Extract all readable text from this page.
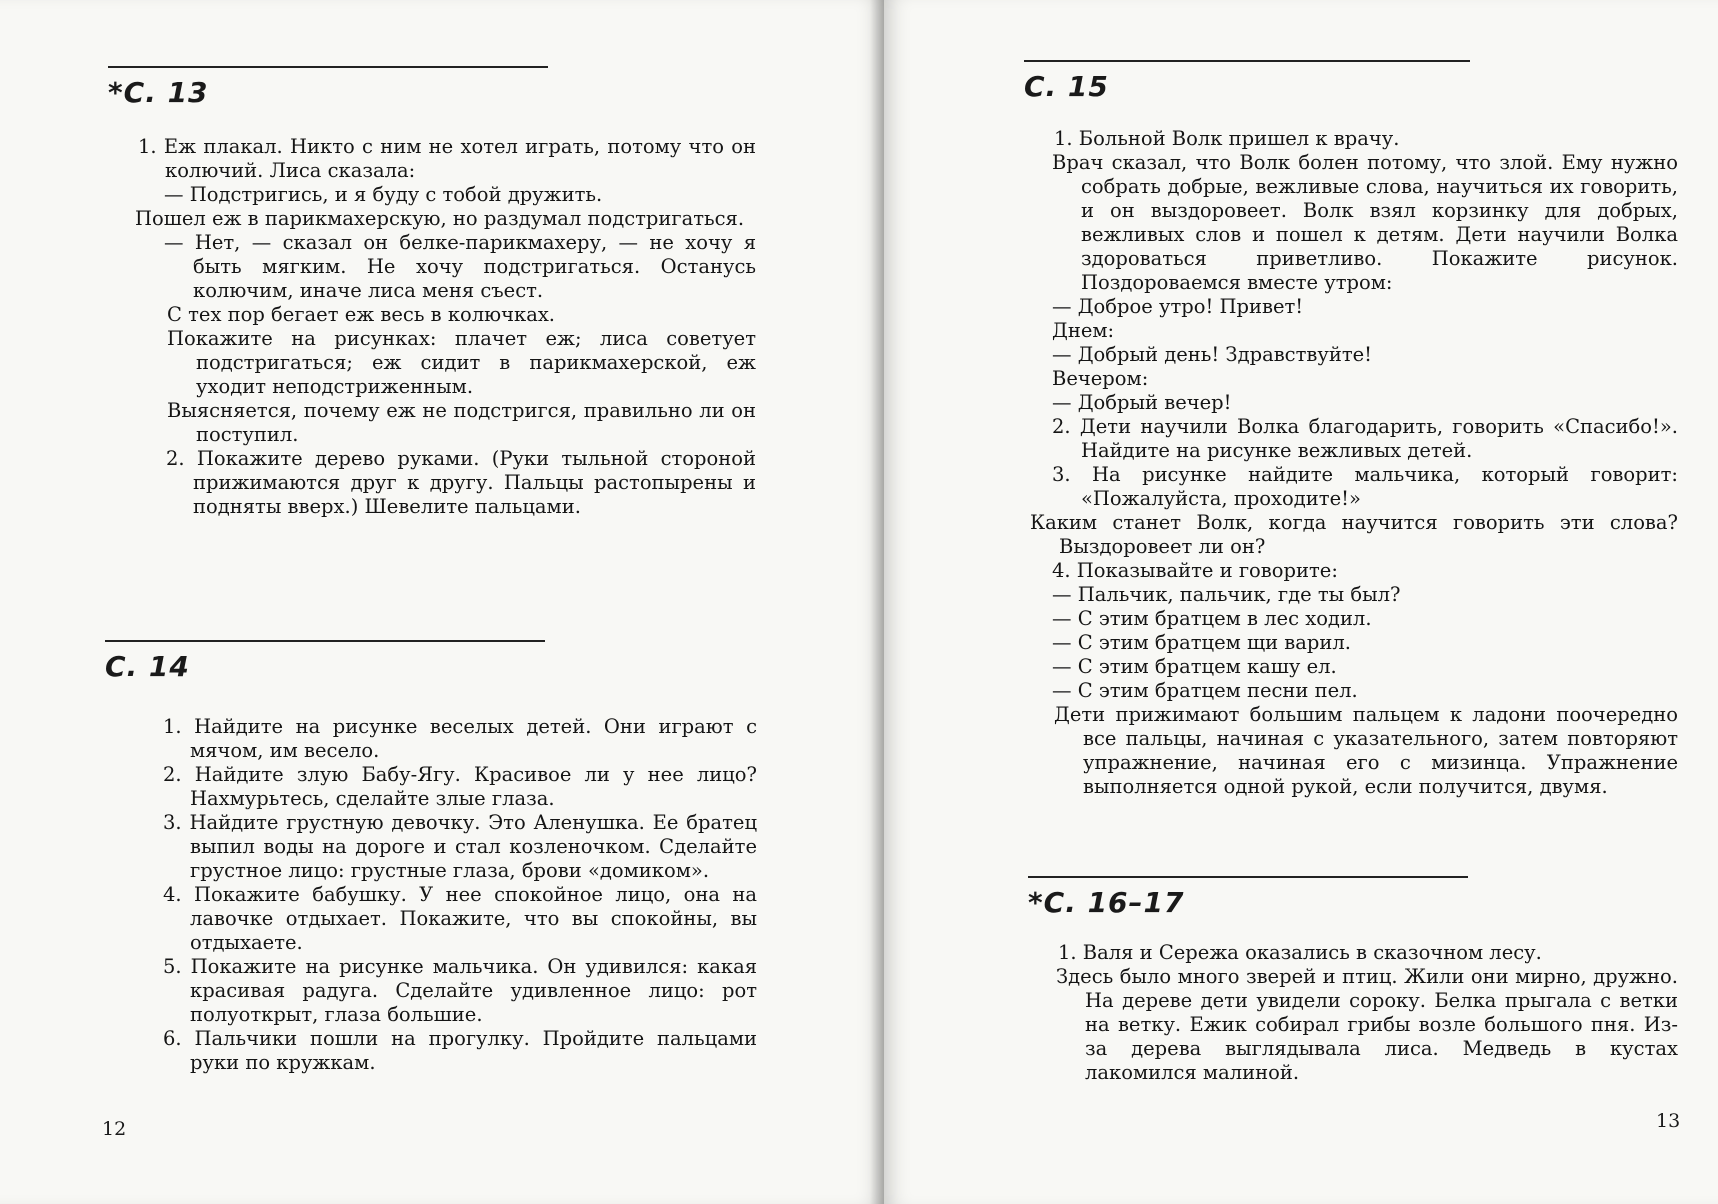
*С. 13

1. Еж плакал. Никто с ним не хотел играть, потому что он колючий. Лиса сказала:

— Подстригись, и я буду с тобой дружить.

Пошел еж в парикмахерскую, но раздумал подстригаться.

— Нет, — сказал он белке-парикмахеру, — не хочу я быть мягким. Не хочу подстригаться. Останусь колючим, иначе лиса меня съест.

С тех пор бегает еж весь в колючках.

Покажите на рисунках: плачет еж; лиса советует подстригаться; еж сидит в парикмахерской, еж уходит неподстриженным.

Выясняется, почему еж не подстригся, правильно ли он поступил.

2. Покажите дерево руками. (Руки тыльной стороной прижимаются друг к другу. Пальцы растопырены и подняты вверх.) Шевелите пальцами.

С. 14

1. Найдите на рисунке веселых детей. Они играют с мячом, им весело.

2. Найдите злую Бабу-Ягу. Красивое ли у нее лицо? Нахмурьтесь, сделайте злые глаза.

3. Найдите грустную девочку. Это Аленушка. Ее братец выпил воды на дороге и стал козленочком. Сделайте грустное лицо: грустные глаза, брови «домиком».

4. Покажите бабушку. У нее спокойное лицо, она на лавочке отдыхает. Покажите, что вы спокойны, вы отдыхаете.

5. Покажите на рисунке мальчика. Он удивился: какая красивая радуга. Сделайте удивленное лицо: рот полуоткрыт, глаза большие.

6. Пальчики пошли на прогулку. Пройдите пальцами руки по кружкам.

12
С. 15

1. Больной Волк пришел к врачу.

Врач сказал, что Волк болен потому, что злой. Ему нужно собрать добрые, вежливые слова, научиться их говорить, и он выздоровеет. Волк взял корзинку для добрых, вежливых слов и пошел к детям. Дети научили Волка здороваться приветливо. Покажите рисунок. Поздороваемся вместе утром:

— Доброе утро! Привет!

Днем:

— Добрый день! Здравствуйте!

Вечером:

— Добрый вечер!

2. Дети научили Волка благодарить, говорить «Спасибо!». Найдите на рисунке вежливых детей.

3. На рисунке найдите мальчика, который говорит: «Пожалуйста, проходите!»

Каким станет Волк, когда научится говорить эти слова? Выздоровеет ли он?

4. Показывайте и говорите:

— Пальчик, пальчик, где ты был?

— С этим братцем в лес ходил.

— С этим братцем щи варил.

— С этим братцем кашу ел.

— С этим братцем песни пел.

Дети прижимают большим пальцем к ладони поочередно все пальцы, начиная с указательного, затем повторяют упражнение, начиная его с мизинца. Упражнение выполняется одной рукой, если получится, двумя.

*С. 16–17

1. Валя и Сережа оказались в сказочном лесу.

Здесь было много зверей и птиц. Жили они мирно, дружно. На дереве дети увидели сороку. Белка прыгала с ветки на ветку. Ежик собирал грибы возле большого пня. Из-за дерева выглядывала лиса. Медведь в кустах лакомился малиной.

13
